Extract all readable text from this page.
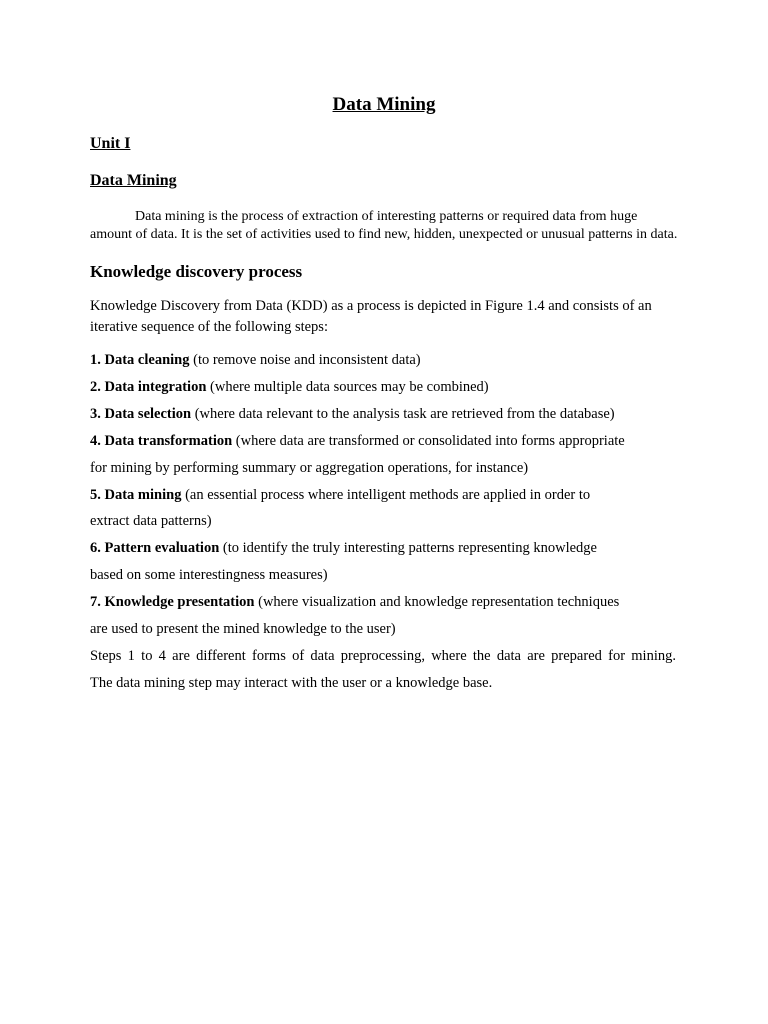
Data Mining
Unit I
Data Mining

Data mining is the process of extraction of interesting patterns or required data from huge amount of data. It is the set of activities used to find new, hidden, unexpected or unusual patterns in data.

Knowledge discovery process

Knowledge Discovery from Data (KDD) as a process is depicted in Figure 1.4 and consists of an iterative sequence of the following steps:

1. Data cleaning (to remove noise and inconsistent data)

2. Data integration (where multiple data sources may be combined)

3. Data selection (where data relevant to the analysis task are retrieved from the database)

4. Data transformation (where data are transformed or consolidated into forms appropriate

for mining by performing summary or aggregation operations, for instance)

5. Data mining (an essential process where intelligent methods are applied in order to

extract data patterns)

6. Pattern evaluation (to identify the truly interesting patterns representing knowledge

based on some interestingness measures)

7. Knowledge presentation (where visualization and knowledge representation techniques

are used to present the mined knowledge to the user)

Steps 1 to 4 are different forms of data preprocessing, where the data are prepared for mining.

The data mining step may interact with the user or a knowledge base.
